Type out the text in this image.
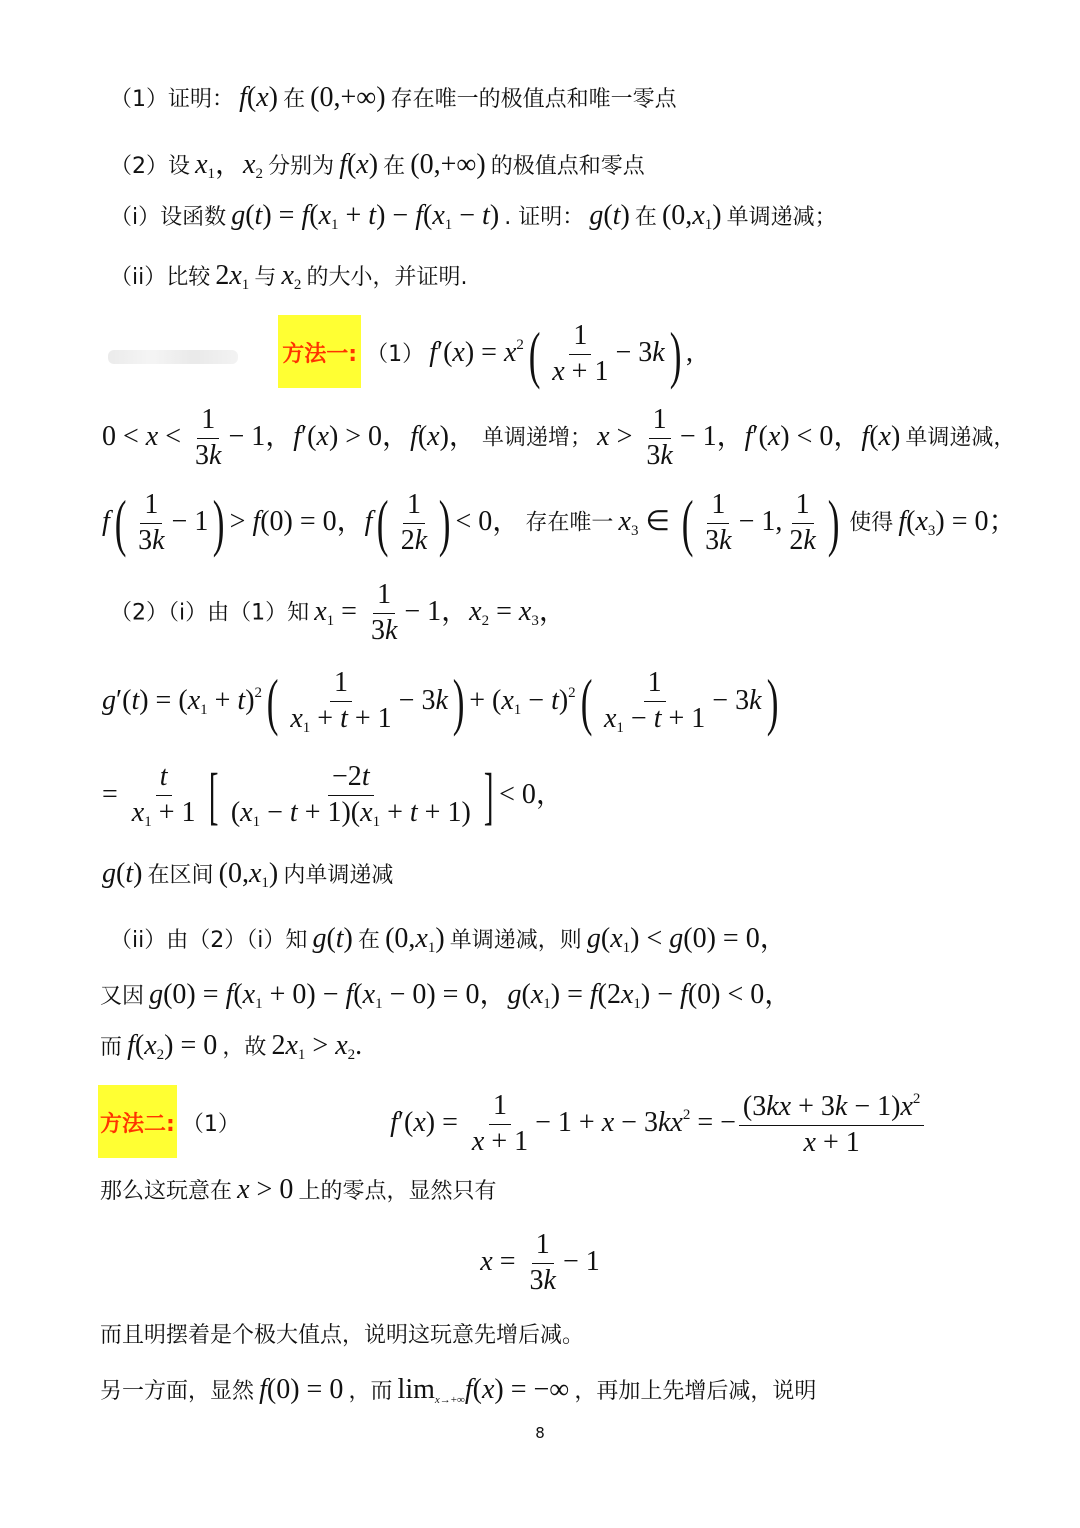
（1）证明： f(x) 在 (0,+∞) 存在唯一的极值点和唯一零点
（2）设 $x_1$，$x_2$ 分别为 f(x) 在 (0,+∞) 的极值点和零点
（i）设函数 $g(t) = f(x_1 + t) - f(x_1 - t)$ . 证明： g(t) 在 $(0,x_1)$ 单调递减；
（ii）比较 $2x_1$ 与 $x_2$ 的大小，并证明.
方法一: （1） $f'(x) = x^2( \frac{1}{x + 1} - 3k)$ ,
$0 < x < \frac{1}{3k} - 1$，f′(x) > 0，f(x)， 单调递增； $x > \frac{1}{3k} - 1$，f′(x) < 0，f(x) 单调递减，
$f( \frac{1}{3k} - 1) > f(0) = 0$，$f( \frac{1}{2k}$ ) < 0， 存在唯一 $x_3$ ∈ ( $\frac{1}{3k} - 1$, $\frac{1}{2k}$ ) 使得 $f(x_3) = 0$；
（2）（i）由（1）知 $x_1 = \frac{1}{3k} - 1$，$x_2 = x_3$，
$g'(t) = (x_1 + t)^2( \frac{1}{x_1 + t + 1} - 3k) + (x_1 - t)^2( \frac{1}{x_1 - t + 1} - 3k)$
= $\frac{t}{x_1 + 1}$ [ $\frac{-2t}{(x_1 - t + 1)(x_1 + t + 1)}$ ] < 0，
g(t) 在区间 $(0,x_1)$ 内单调递减
（ii）由（2）（i）知 g(t) 在 $(0,x_1)$ 单调递减，则 $g(x_1) < g(0) = 0$，
又因 $g(0) = f(x_1 + 0) - f(x_1 - 0) = 0$，$g(x_1) = f(2x_1) - f(0) < 0$，
而 $f(x_2) = 0$ ，故 $2x_1 > x_2$.
方法二: （1）	$f'(x) = \frac{1}{x + 1} - 1 + x - 3kx^2$ = − $\frac{(3kx + 3k - 1)x^2}{x + 1}$
那么这玩意在 x > 0 上的零点，显然只有
$x = \frac{1}{3k} - 1$
而且明摆着是个极大值点，说明这玩意先增后减。
另一方面，显然 f(0) = 0 ，而 $\lim_{x\to+\infty}f(x)$ = −∞ ，再加上先增后减，说明
8
